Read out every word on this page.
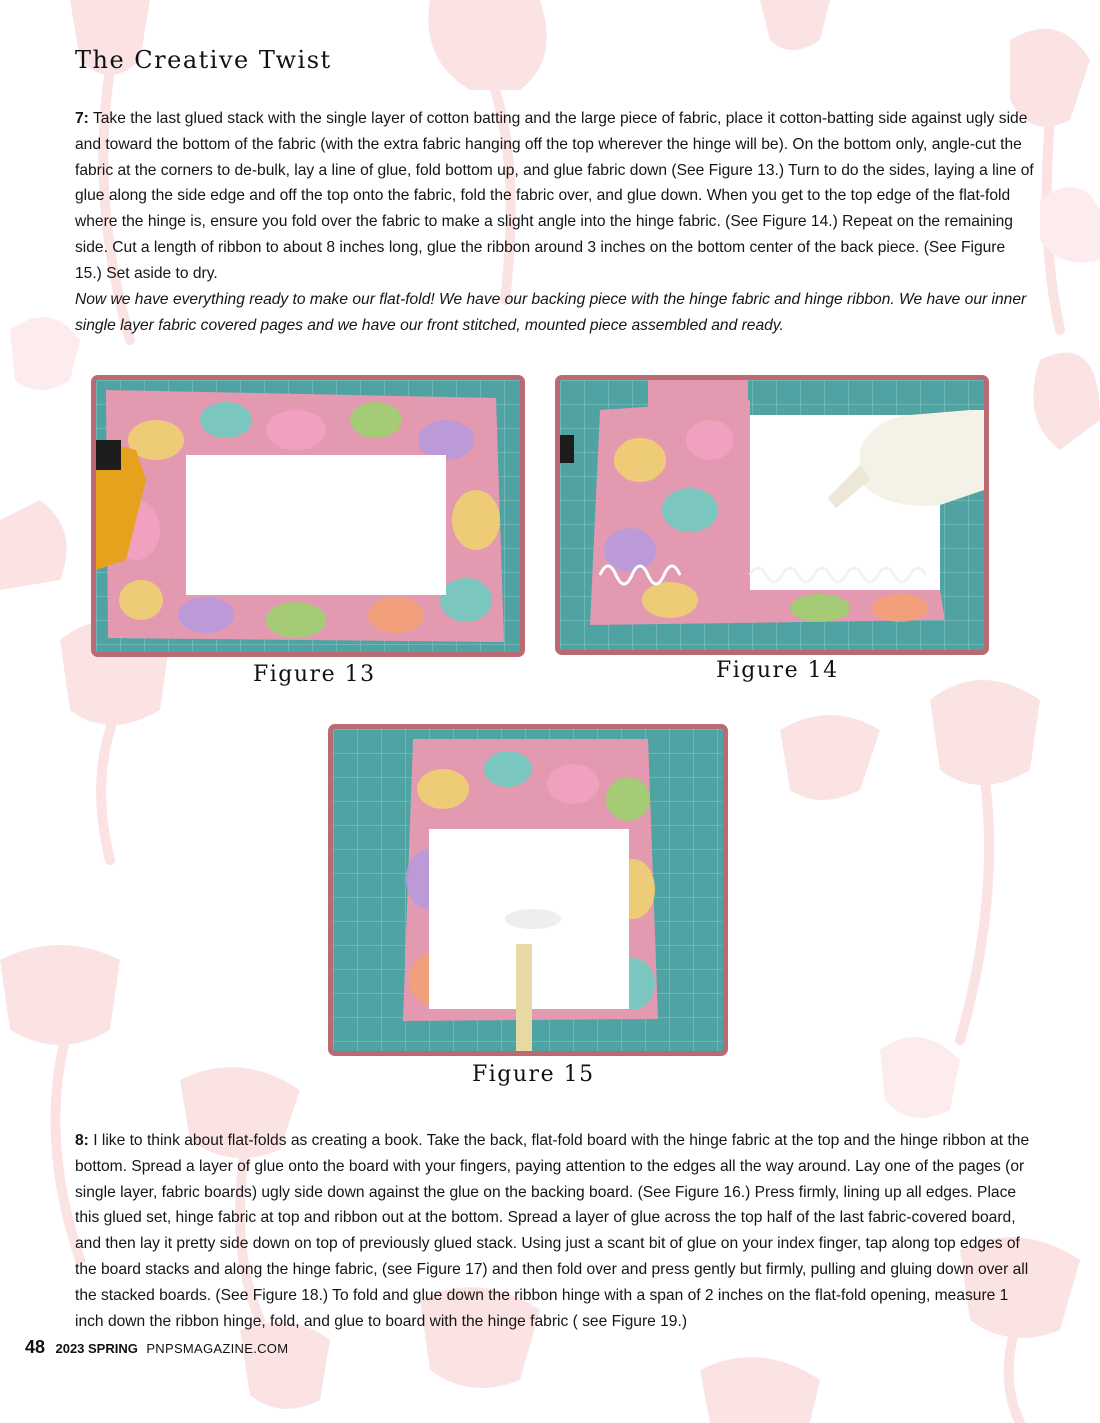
The Creative Twist

7: Take the last glued stack with the single layer of cotton batting and the large piece of fabric, place it cotton-batting side against ugly side and toward the bottom of the fabric (with the extra fabric hanging off the top wherever the hinge will be). On the bottom only, angle-cut the fabric at the corners to de-bulk, lay a line of glue, fold bottom up, and glue fabric down (See Figure 13.) Turn to do the sides, laying a line of glue along the side edge and off the top onto the fabric, fold the fabric over, and glue down. When you get to the top edge of the flat-fold where the hinge is, ensure you fold over the fabric to make a slight angle into the hinge fabric. (See Figure 14.) Repeat on the remaining side. Cut a length of ribbon to about 8 inches long, glue the ribbon around 3 inches on the bottom center of the back piece. (See Figure 15.) Set aside to dry.

Now we have everything ready to make our flat-fold! We have our backing piece with the hinge fabric and hinge ribbon. We have our inner single layer fabric covered pages and we have our front stitched, mounted piece assembled and ready.

Figure 13	Figure 14

Figure 15

8: I like to think about flat-folds as creating a book. Take the back, flat-fold board with the hinge fabric at the top and the hinge ribbon at the bottom. Spread a layer of glue onto the board with your fingers, paying attention to the edges all the way around. Lay one of the pages (or single layer, fabric boards) ugly side down against the glue on the backing board. (See Figure 16.) Press firmly, lining up all edges. Place this glued set, hinge fabric at top and ribbon out at the bottom. Spread a layer of glue across the top half of the last fabric-covered board, and then lay it pretty side down on top of previously glued stack. Using just a scant bit of glue on your index finger, tap along top edges of the board stacks and along the hinge fabric, (see Figure 17) and then fold over and press gently but firmly, pulling and gluing down over all the stacked boards. (See Figure 18.) To fold and glue down the ribbon hinge with a span of 2 inches on the flat-fold opening, measure 1 inch down the ribbon hinge, fold, and glue to board with the hinge fabric ( see Figure 19.)

48 2023 SPRING PNPSMAGAZINE.COM
